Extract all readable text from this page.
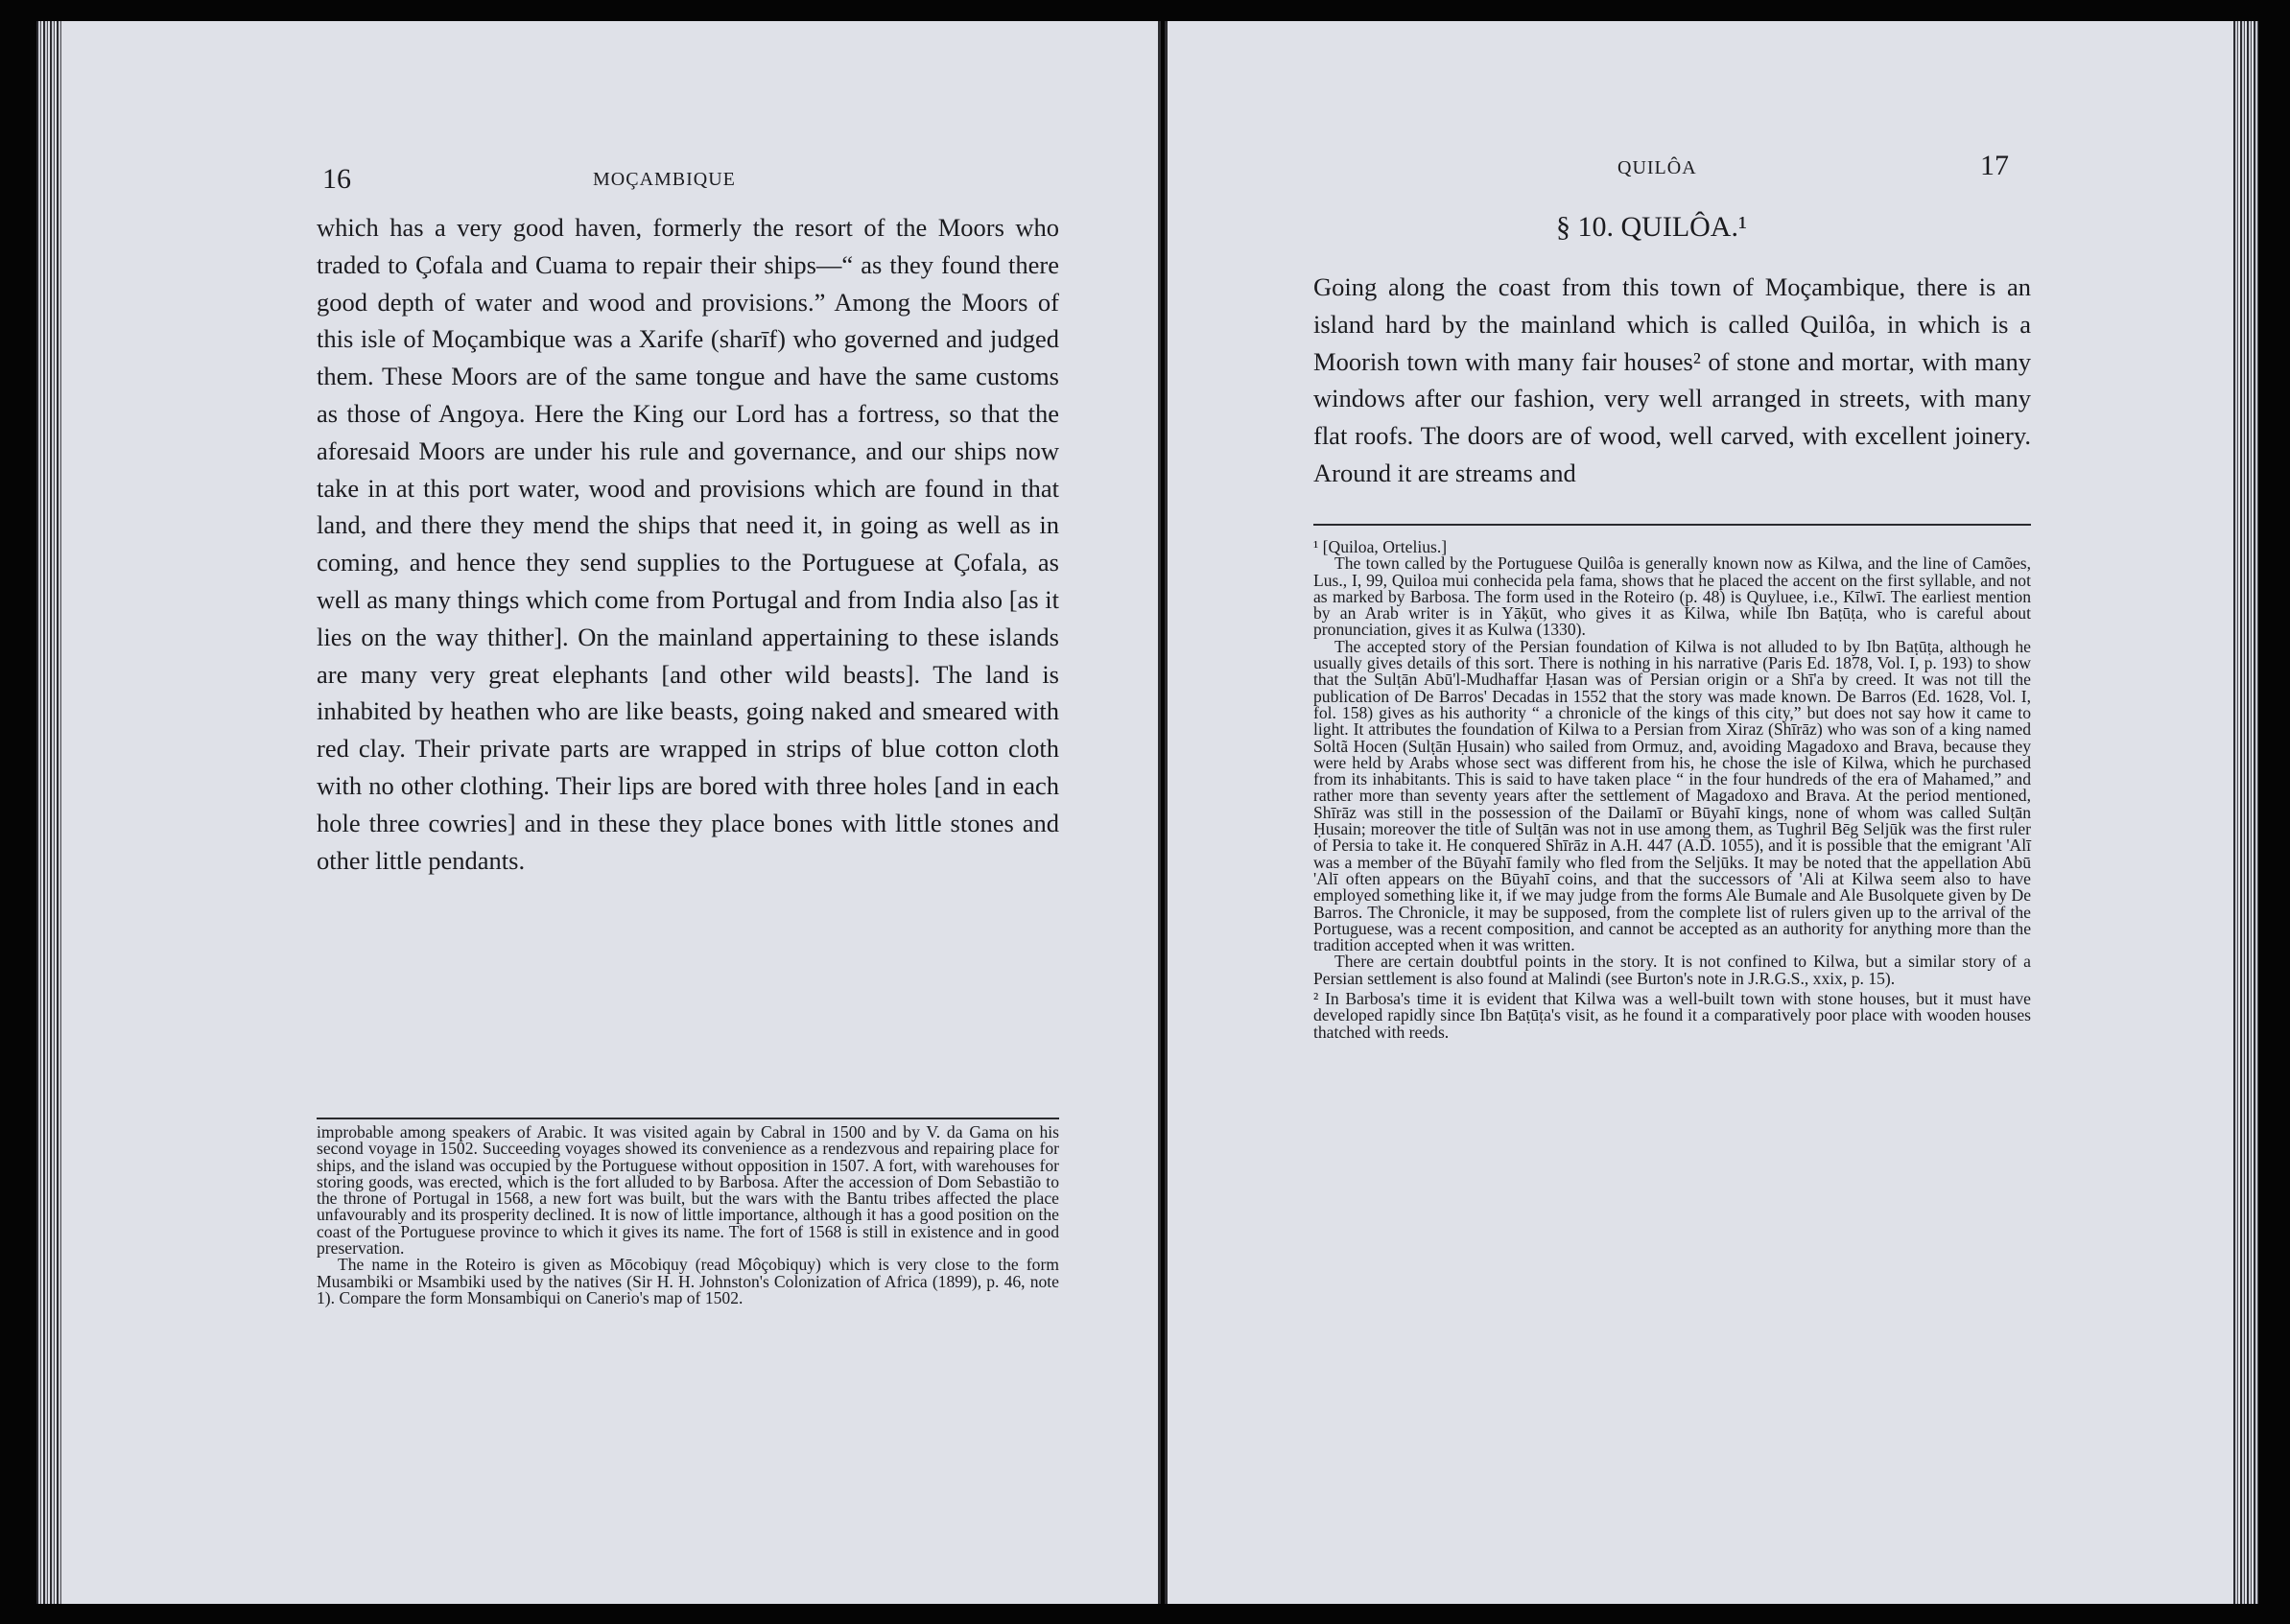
16	MOÇAMBIQUE

which has a very good haven, formerly the resort of the Moors who traded to Çofala and Cuama to repair their ships—“ as they found there good depth of water and wood and provisions.” Among the Moors of this isle of Moçambique was a Xarife (sharīf) who governed and judged them. These Moors are of the same tongue and have the same customs as those of Angoya. Here the King our Lord has a fortress, so that the aforesaid Moors are under his rule and governance, and our ships now take in at this port water, wood and provisions which are found in that land, and there they mend the ships that need it, in going as well as in coming, and hence they send supplies to the Portuguese at Çofala, as well as many things which come from Portugal and from India also [as it lies on the way thither]. On the mainland appertaining to these islands are many very great elephants [and other wild beasts]. The land is inhabited by heathen who are like beasts, going naked and smeared with red clay. Their private parts are wrapped in strips of blue cotton cloth with no other clothing. Their lips are bored with three holes [and in each hole three cowries] and in these they place bones with little stones and other little pendants.

improbable among speakers of Arabic. It was visited again by Cabral in 1500 and by V. da Gama on his second voyage in 1502. Succeeding voyages showed its convenience as a rendezvous and repairing place for ships, and the island was occupied by the Portuguese without opposition in 1507. A fort, with warehouses for storing goods, was erected, which is the fort alluded to by Barbosa. After the accession of Dom Sebastião to the throne of Portugal in 1568, a new fort was built, but the wars with the Bantu tribes affected the place unfavourably and its prosperity declined. It is now of little importance, although it has a good position on the coast of the Portuguese province to which it gives its name. The fort of 1568 is still in existence and in good preservation.

The name in the Roteiro is given as Mōcobiquy (read Môçobiquy) which is very close to the form Musambiki or Msambiki used by the natives (Sir H. H. Johnston's Colonization of Africa (1899), p. 46, note 1). Compare the form Monsambiqui on Canerio's map of 1502.

QUILÔA	17
§ 10. QUILÔA.¹

Going along the coast from this town of Moçambique, there is an island hard by the mainland which is called Quilôa, in which is a Moorish town with many fair houses² of stone and mortar, with many windows after our fashion, very well arranged in streets, with many flat roofs. The doors are of wood, well carved, with excellent joinery. Around it are streams and

¹ [Quiloa, Ortelius.]

The town called by the Portuguese Quilôa is generally known now as Kilwa, and the line of Camões, Lus., I, 99, Quiloa mui conhecida pela fama, shows that he placed the accent on the first syllable, and not as marked by Barbosa. The form used in the Roteiro (p. 48) is Quyluee, i.e., Kīlwī. The earliest mention by an Arab writer is in Yāḳūt, who gives it as Kilwa, while Ibn Baṭūṭa, who is careful about pronunciation, gives it as Kulwa (1330).

The accepted story of the Persian foundation of Kilwa is not alluded to by Ibn Baṭūṭa, although he usually gives details of this sort. There is nothing in his narrative (Paris Ed. 1878, Vol. I, p. 193) to show that the Sulṭān Abū'l-Mudhaffar Ḥasan was of Persian origin or a Shī'a by creed. It was not till the publication of De Barros' Decadas in 1552 that the story was made known. De Barros (Ed. 1628, Vol. I, fol. 158) gives as his authority “ a chronicle of the kings of this city,” but does not say how it came to light. It attributes the foundation of Kilwa to a Persian from Xiraz (Shīrāz) who was son of a king named Soltã Hocen (Sulṭān Ḥusain) who sailed from Ormuz, and, avoiding Magadoxo and Brava, because they were held by Arabs whose sect was different from his, he chose the isle of Kilwa, which he purchased from its inhabitants. This is said to have taken place “ in the four hundreds of the era of Mahamed,” and rather more than seventy years after the settlement of Magadoxo and Brava. At the period mentioned, Shīrāz was still in the possession of the Dailamī or Būyahī kings, none of whom was called Sulṭān Ḥusain; moreover the title of Sulṭān was not in use among them, as Tughril Bēg Seljūk was the first ruler of Persia to take it. He conquered Shīrāz in A.H. 447 (A.D. 1055), and it is possible that the emigrant 'Alī was a member of the Būyahī family who fled from the Seljūks. It may be noted that the appellation Abū 'Alī often appears on the Būyahī coins, and that the successors of 'Ali at Kilwa seem also to have employed something like it, if we may judge from the forms Ale Bumale and Ale Busolquete given by De Barros. The Chronicle, it may be supposed, from the complete list of rulers given up to the arrival of the Portuguese, was a recent composition, and cannot be accepted as an authority for anything more than the tradition accepted when it was written.

There are certain doubtful points in the story. It is not confined to Kilwa, but a similar story of a Persian settlement is also found at Malindi (see Burton's note in J.R.G.S., xxix, p. 15).

² In Barbosa's time it is evident that Kilwa was a well-built town with stone houses, but it must have developed rapidly since Ibn Baṭūṭa's visit, as he found it a comparatively poor place with wooden houses thatched with reeds.
